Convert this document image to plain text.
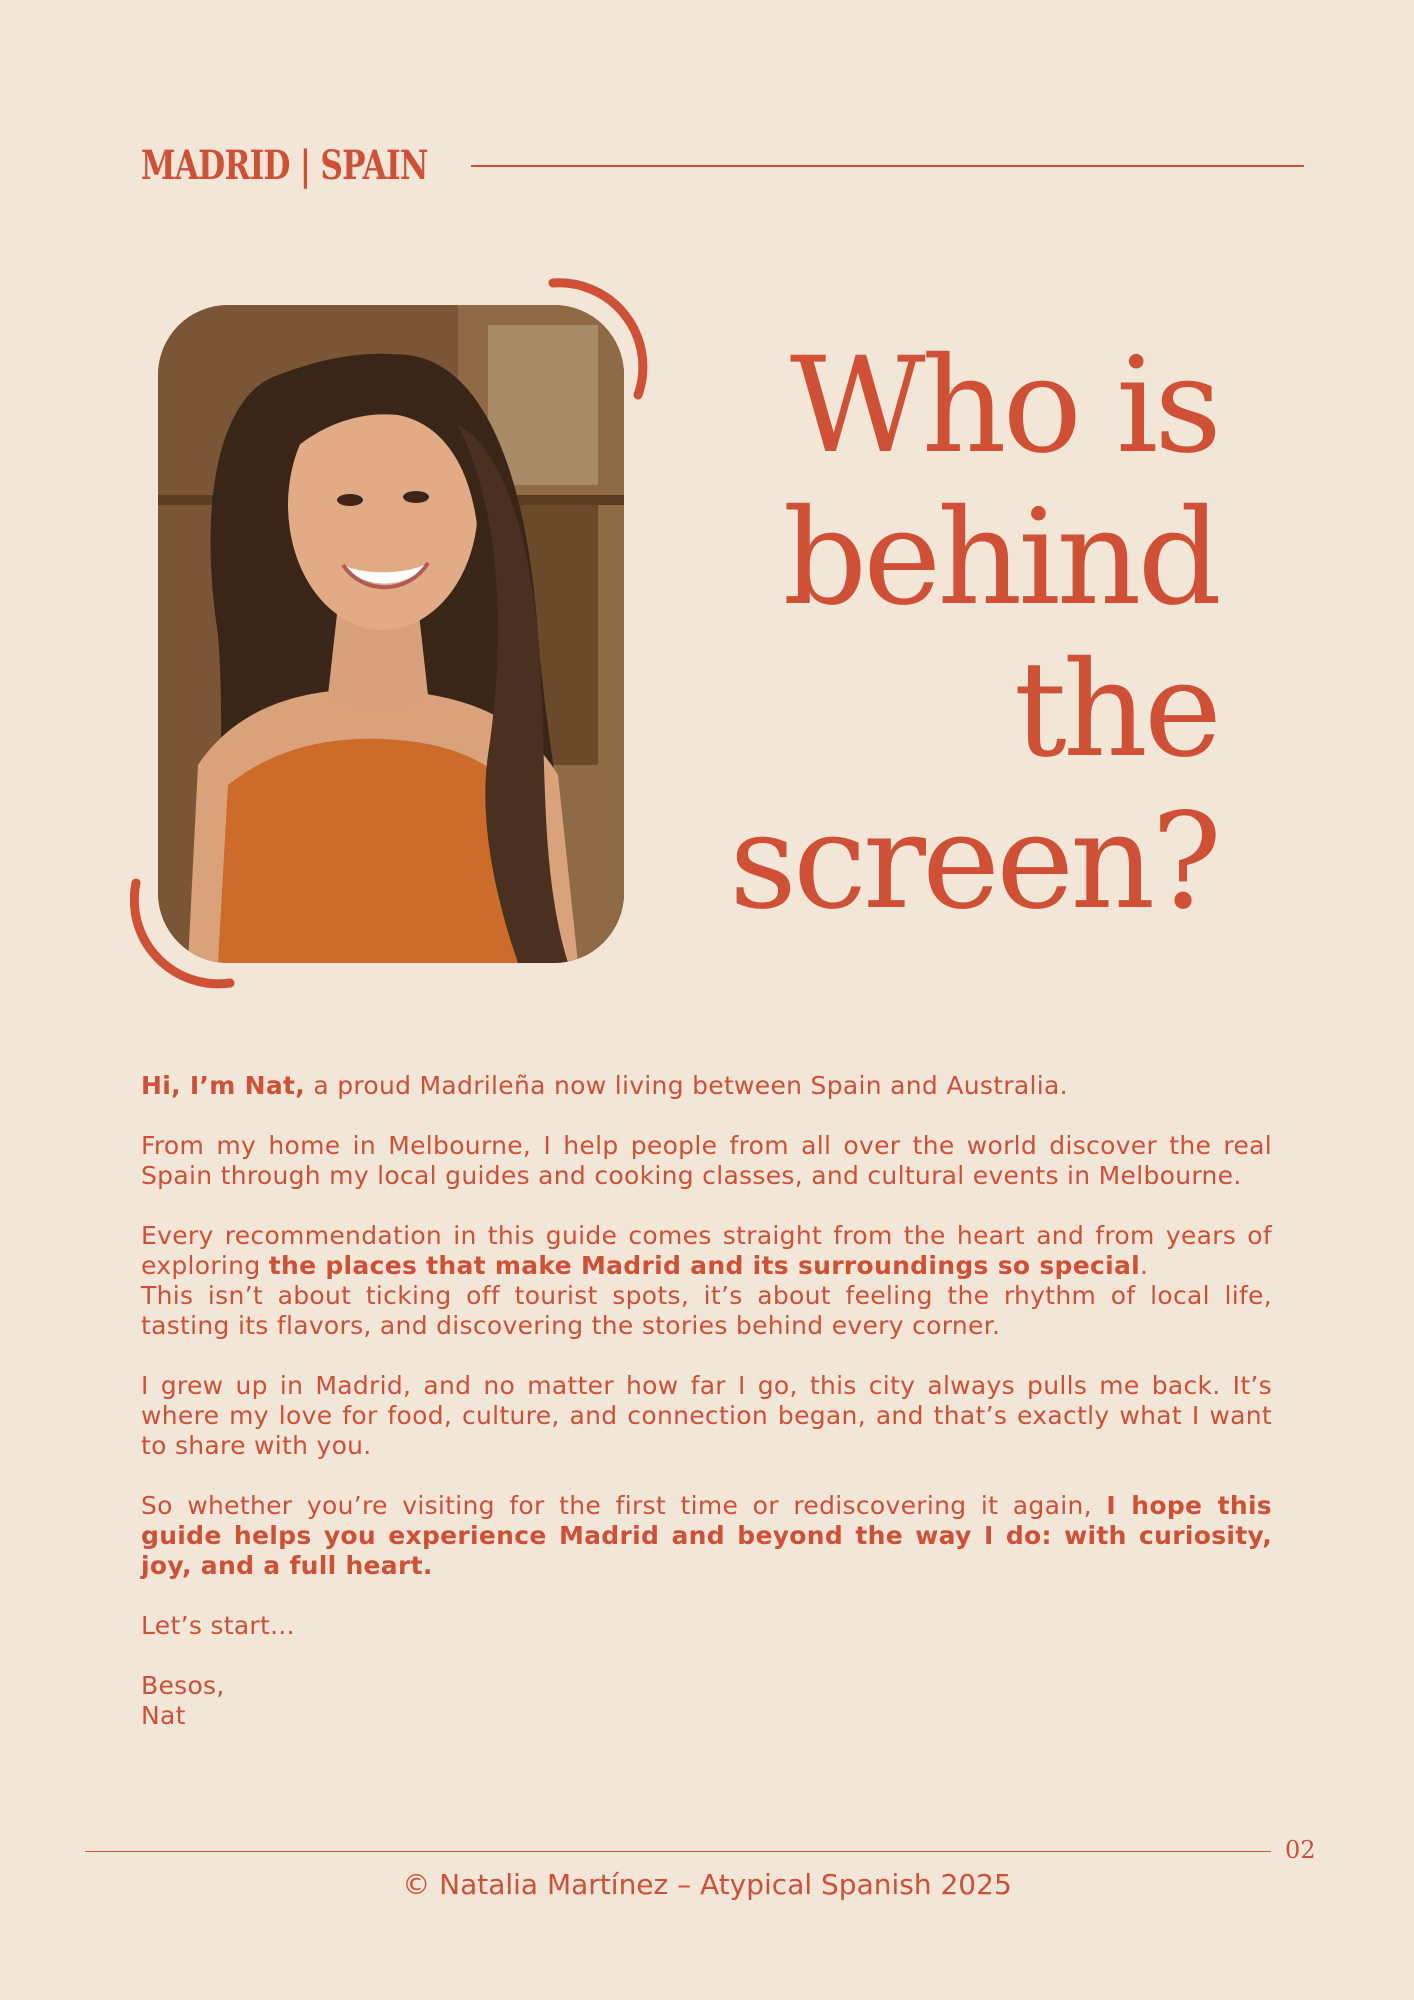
MADRID | SPAIN
Who is
behind
the
screen?

Hi, I’m Nat, a proud Madrileña now living between Spain and Australia.

From my home in Melbourne, I help people from all over the world discover the real Spain through my local guides and cooking classes, and cultural events in Melbourne.

Every recommendation in this guide comes straight from the heart and from years of exploring the places that make Madrid and its surroundings so special.
This isn’t about ticking off tourist spots, it’s about feeling the rhythm of local life, tasting its flavors, and discovering the stories behind every corner.

I grew up in Madrid, and no matter how far I go, this city always pulls me back. It’s where my love for food, culture, and connection began, and that’s exactly what I want to share with you.

So whether you’re visiting for the first time or rediscovering it again, I hope this guide helps you experience Madrid and beyond the way I do: with curiosity, joy, and a full heart.

Let’s start...

Besos,

Nat

02
© Natalia Martínez – Atypical Spanish 2025
